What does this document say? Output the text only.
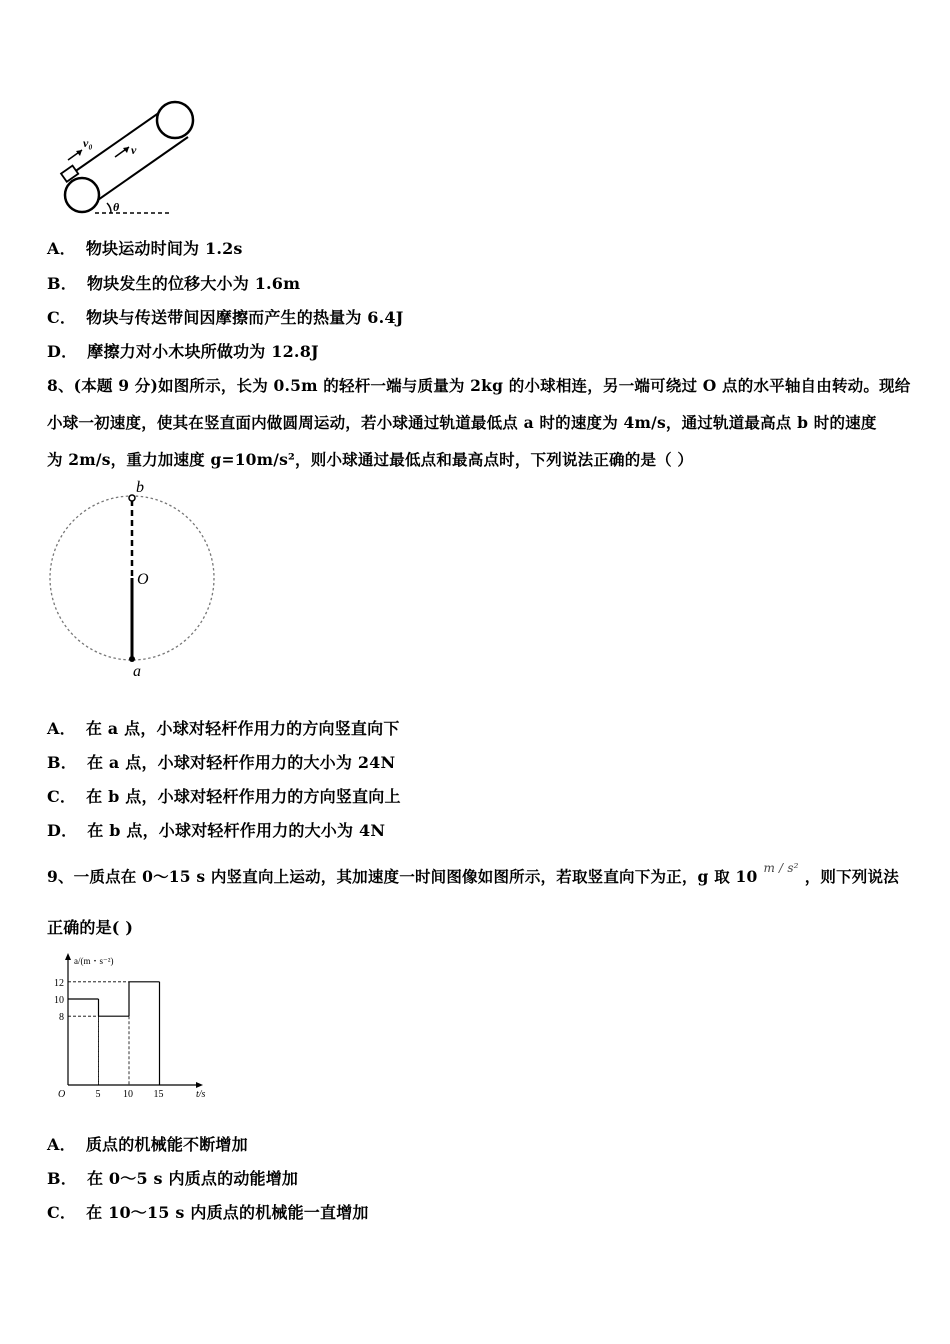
v₀	v
θ
A． 物块运动时间为 1.2s
B． 物块发生的位移大小为 1.6m
C． 物块与传送带间因摩擦而产生的热量为 6.4J
D． 摩擦力对小木块所做功为 12.8J
8、(本题 9 分)如图所示，长为 0.5m 的轻杆一端与质量为 2kg 的小球相连，另一端可绕过 O 点的水平轴自由转动。现给
小球一初速度，使其在竖直面内做圆周运动，若小球通过轨道最低点 a 时的速度为 4m/s，通过轨道最高点 b 时的速度
为 2m/s，重力加速度 g=10m/s²，则小球通过最低点和最高点时，下列说法正确的是（ ）
b
O
a
A． 在 a 点，小球对轻杆作用力的方向竖直向下
B． 在 a 点，小球对轻杆作用力的大小为 24N
C． 在 b 点，小球对轻杆作用力的方向竖直向上
D． 在 b 点，小球对轻杆作用力的大小为 4N
9、一质点在 0～15 s 内竖直向上运动，其加速度一时间图像如图所示，若取竖直向下为正，g 取 10 $^{m / s^2}$ ，则下列说法
正确的是( )
a/(m・s⁻²)
t/s
O	5 10 15
8
10
12
A． 质点的机械能不断增加
B． 在 0～5 s 内质点的动能增加
C． 在 10～15 s 内质点的机械能一直增加
